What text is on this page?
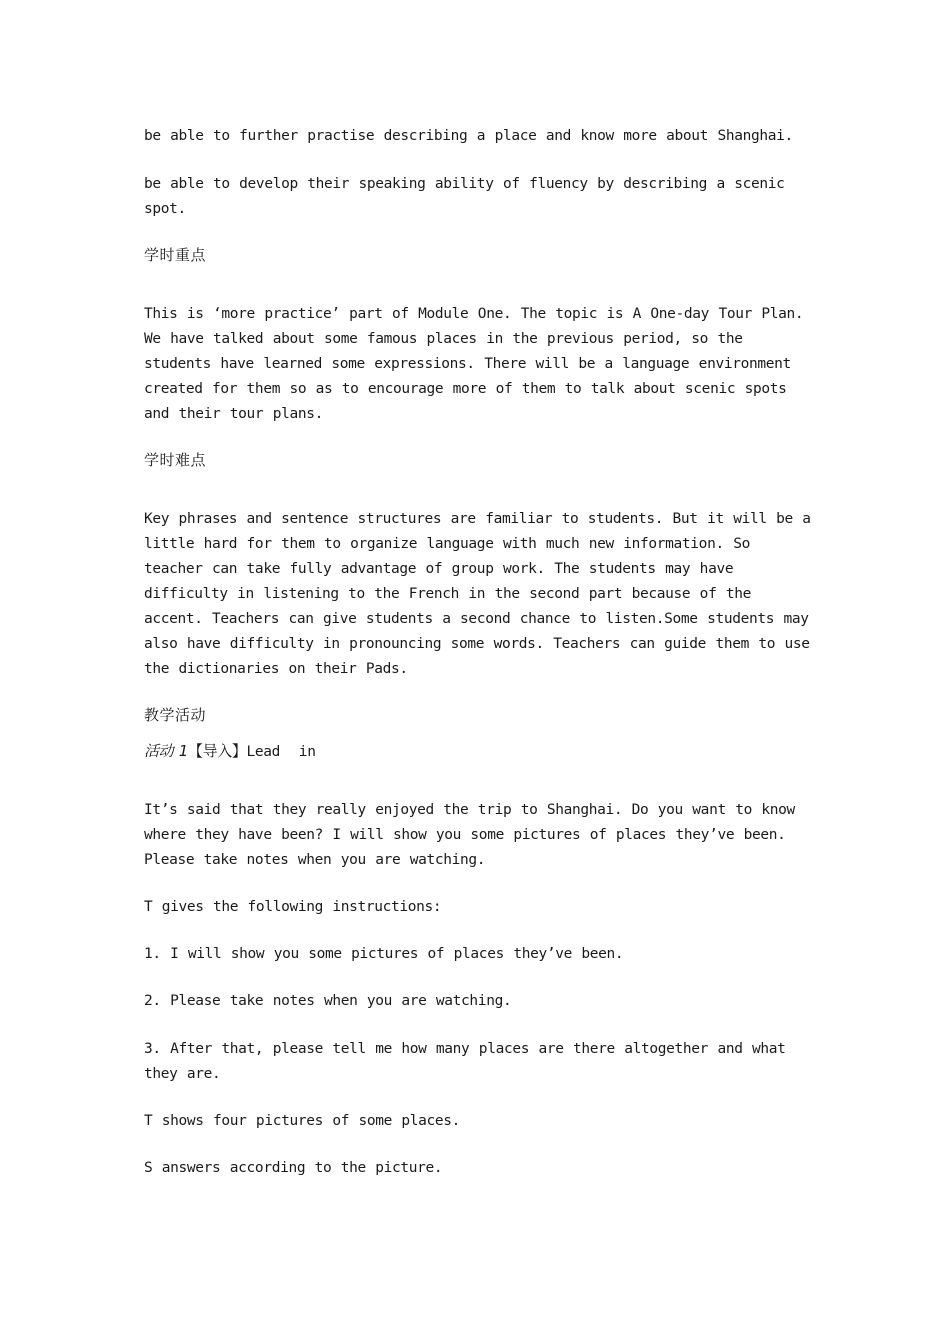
be able to further practise describing a place and know more about Shanghai.

be able to develop their speaking ability of fluency by describing a scenic spot.

学时重点

This is ‘more practice’ part of Module One. The topic is A One-day Tour Plan. We have talked about some famous places in the previous period, so the students have learned some expressions. There will be a language environment created for them so as to encourage more of them to talk about scenic spots and their tour plans.

学时难点

Key phrases and sentence structures are familiar to students. But it will be a little hard for them to organize language with much new information. So teacher can take fully advantage of group work. The students may have difficulty in listening to the French in the second part because of the accent. Teachers can give students a second chance to listen.Some students may also have difficulty in pronouncing some words. Teachers can guide them to use the dictionaries on their Pads.

教学活动

活动 1【导入】Lead  in

It’s said that they really enjoyed the trip to Shanghai. Do you want to know where they have been? I will show you some pictures of places they’ve been. Please take notes when you are watching.

T gives the following instructions:

1. I will show you some pictures of places they’ve been.

2. Please take notes when you are watching.

3. After that, please tell me how many places are there altogether and what they are.

T shows four pictures of some places.

S answers according to the picture.
